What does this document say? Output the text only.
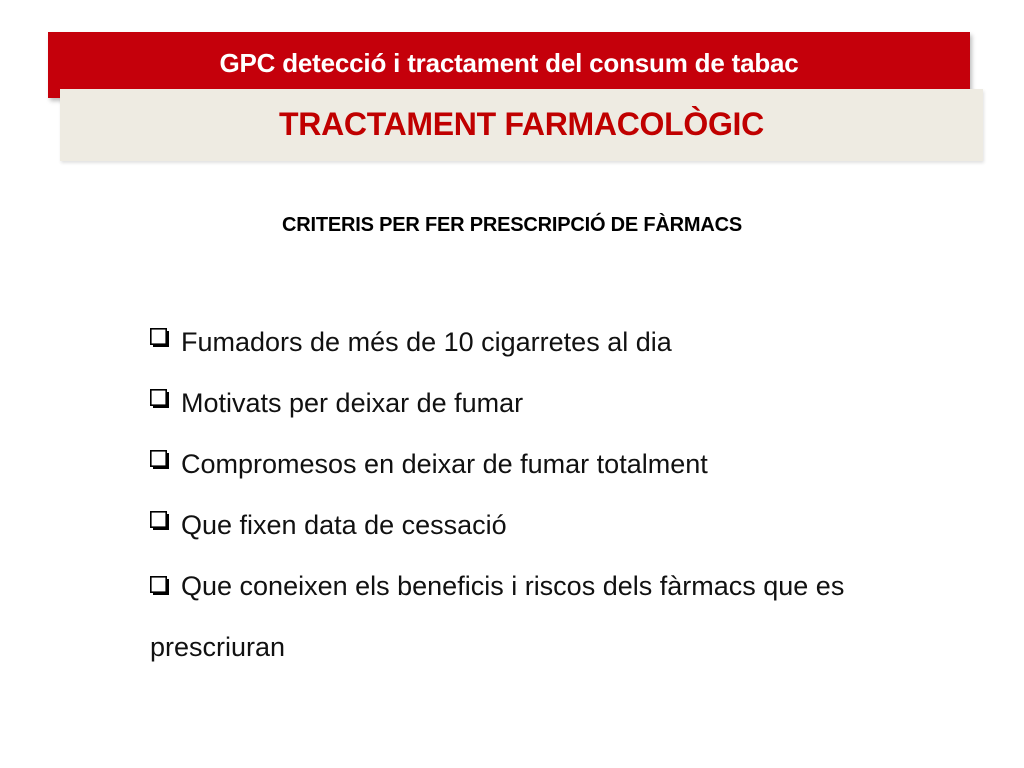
GPC detecció i tractament del consum de tabac
TRACTAMENT FARMACOLÒGIC
CRITERIS PER FER PRESCRIPCIÓ DE FÀRMACS
Fumadors de més de 10 cigarretes al dia
Motivats per deixar de fumar
Compromesos en deixar de fumar totalment
Que fixen data de cessació
Que coneixen els beneficis i riscos dels fàrmacs que es prescriuran
